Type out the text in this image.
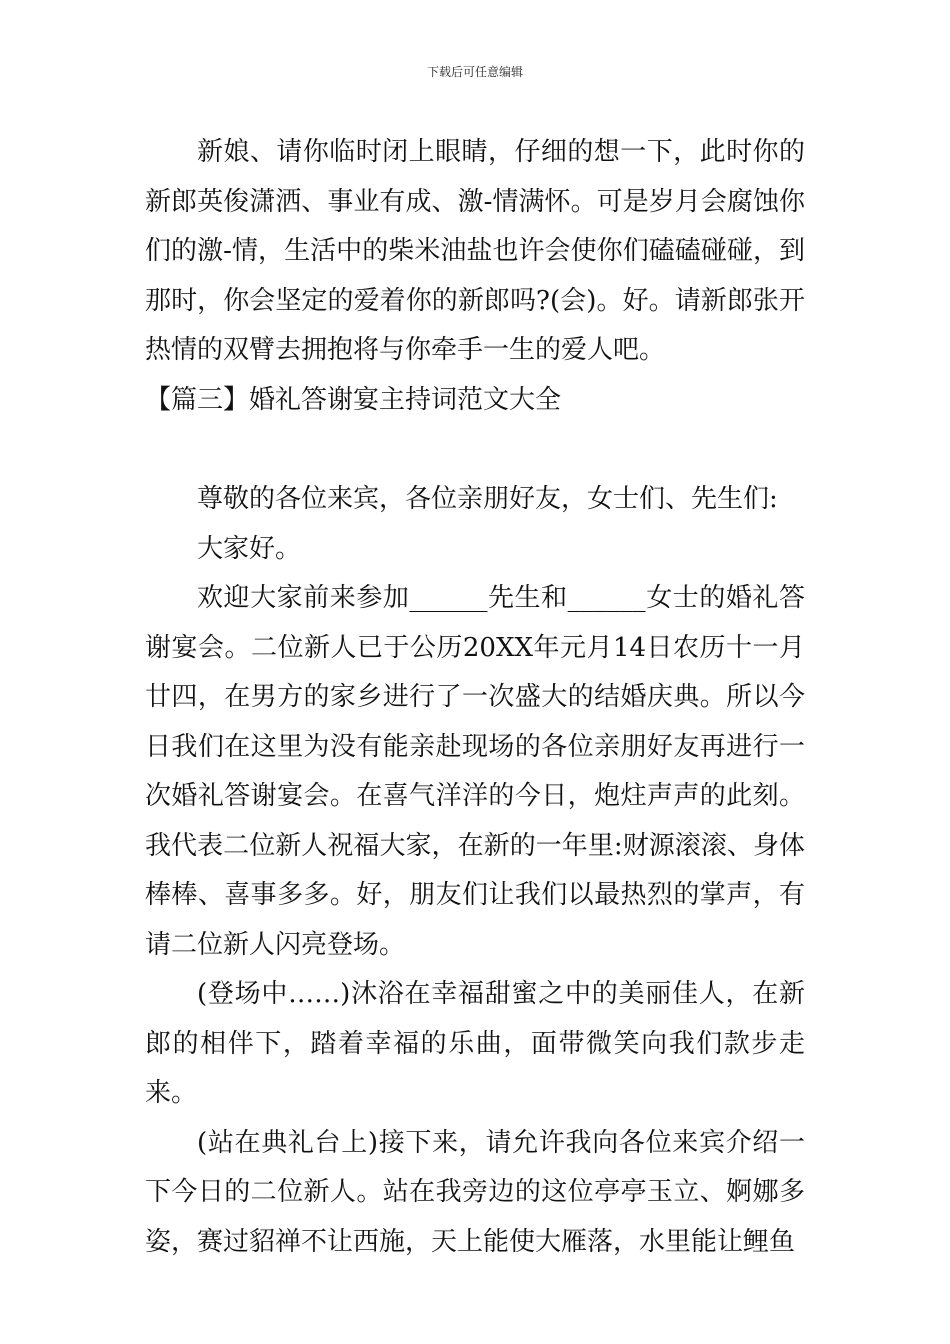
下载后可任意编辑

新娘、请你临时闭上眼睛，仔细的想一下，此时你的新郎英俊潇洒、事业有成、激-情满怀。可是岁月会腐蚀你们的激-情，生活中的柴米油盐也许会使你们磕磕碰碰，到那时，你会坚定的爱着你的新郎吗?(会)。好。请新郎张开热情的双臂去拥抱将与你牵手一生的爱人吧。

【篇三】婚礼答谢宴主持词范文大全

尊敬的各位来宾，各位亲朋好友，女士们、先生们:

大家好。

欢迎大家前来参加______先生和______女士的婚礼答谢宴会。二位新人已于公历20XX年元月14日农历十一月廿四，在男方的家乡进行了一次盛大的结婚庆典。所以今日我们在这里为没有能亲赴现场的各位亲朋好友再进行一次婚礼答谢宴会。在喜气洋洋的今日，炮炷声声的此刻。我代表二位新人祝福大家，在新的一年里:财源滚滚、身体棒棒、喜事多多。好，朋友们让我们以最热烈的掌声，有请二位新人闪亮登场。

(登场中……)沐浴在幸福甜蜜之中的美丽佳人，在新郎的相伴下，踏着幸福的乐曲，面带微笑向我们款步走来。

(站在典礼台上)接下来，请允许我向各位来宾介绍一下今日的二位新人。站在我旁边的这位亭亭玉立、婀娜多姿，赛过貂禅不让西施，天上能使大雁落，水里能让鲤鱼
